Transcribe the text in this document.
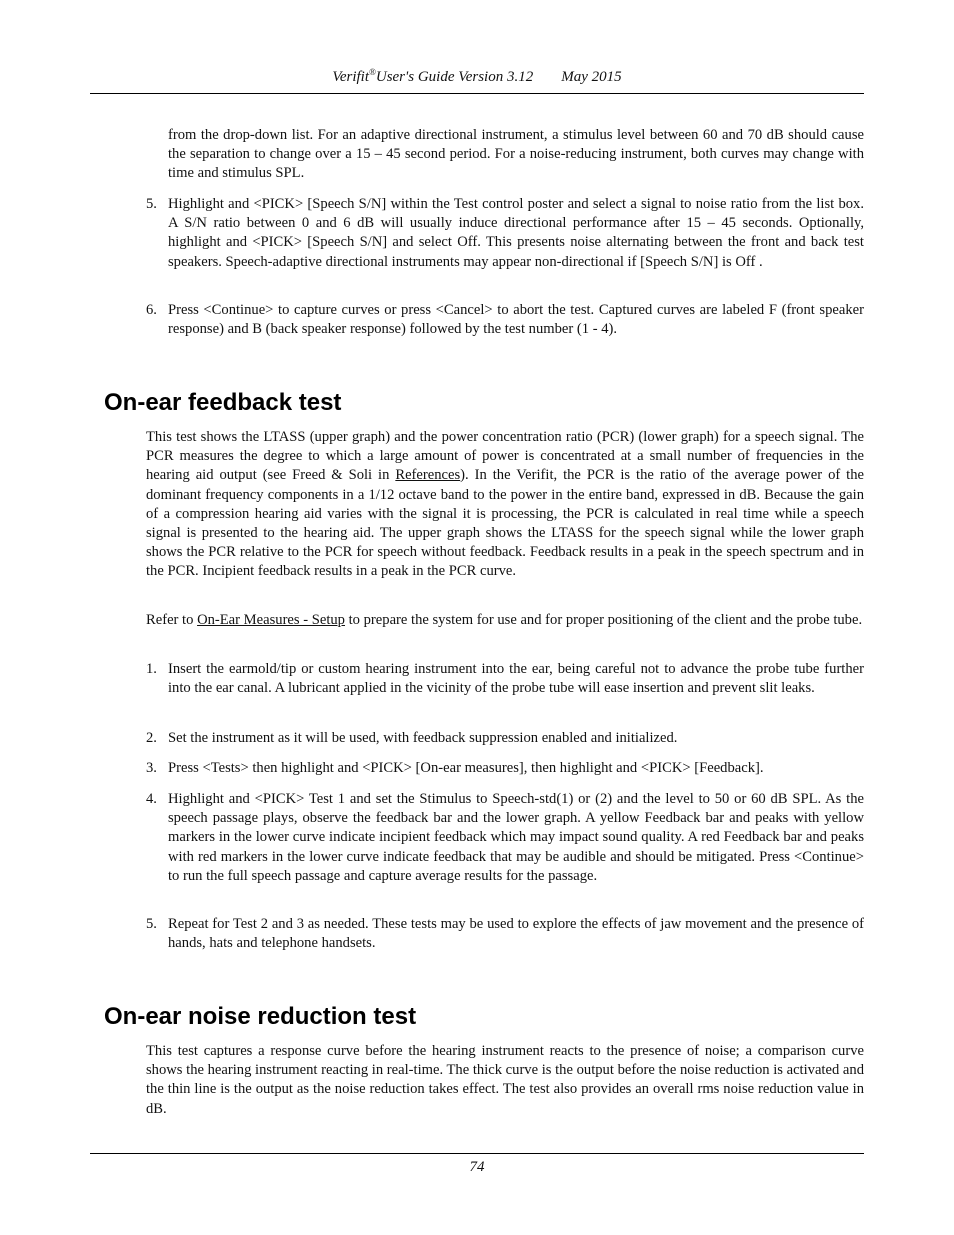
Verifit®User's Guide Version 3.12 May 2015

from the drop-down list. For an adaptive directional instrument, a stimulus level between 60 and 70 dB should cause the separation to change over a 15 – 45 second period. For a noise-reducing instrument, both curves may change with time and stimulus SPL.

5. Highlight and <PICK> [Speech S/N] within the Test control poster and select a signal to noise ratio from the list box. A S/N ratio between 0 and 6 dB will usually induce directional performance after 15 – 45 seconds. Optionally, highlight and <PICK> [Speech S/N] and select Off. This presents noise alternating between the front and back test speakers. Speech-adaptive directional instruments may appear non-directional if [Speech S/N] is Off .

6. Press <Continue> to capture curves or press <Cancel> to abort the test. Captured curves are labeled F (front speaker response) and B (back speaker response) followed by the test number (1 - 4).

On-ear feedback test

This test shows the LTASS (upper graph) and the power concentration ratio (PCR) (lower graph) for a speech signal. The PCR measures the degree to which a large amount of power is concentrated at a small number of frequencies in the hearing aid output (see Freed & Soli in References). In the Verifit, the PCR is the ratio of the average power of the dominant frequency components in a 1/12 octave band to the power in the entire band, expressed in dB. Because the gain of a compression hearing aid varies with the signal it is processing, the PCR is calculated in real time while a speech signal is presented to the hearing aid. The upper graph shows the LTASS for the speech signal while the lower graph shows the PCR relative to the PCR for speech without feedback. Feedback results in a peak in the speech spectrum and in the PCR. Incipient feedback results in a peak in the PCR curve.

Refer to On-Ear Measures - Setup to prepare the system for use and for proper positioning of the client and the probe tube.

1. Insert the earmold/tip or custom hearing instrument into the ear, being careful not to advance the probe tube further into the ear canal. A lubricant applied in the vicinity of the probe tube will ease insertion and prevent slit leaks.

2. Set the instrument as it will be used, with feedback suppression enabled and initialized.

3. Press <Tests> then highlight and <PICK> [On-ear measures], then highlight and <PICK> [Feedback].

4. Highlight and <PICK> Test 1 and set the Stimulus to Speech-std(1) or (2) and the level to 50 or 60 dB SPL. As the speech passage plays, observe the feedback bar and the lower graph. A yellow Feedback bar and peaks with yellow markers in the lower curve indicate incipient feedback which may impact sound quality. A red Feedback bar and peaks with red markers in the lower curve indicate feedback that may be audible and should be mitigated. Press <Continue> to run the full speech passage and capture average results for the passage.

5. Repeat for Test 2 and 3 as needed. These tests may be used to explore the effects of jaw movement and the presence of hands, hats and telephone handsets.

On-ear noise reduction test

This test captures a response curve before the hearing instrument reacts to the presence of noise; a comparison curve shows the hearing instrument reacting in real-time. The thick curve is the output before the noise reduction is activated and the thin line is the output as the noise reduction takes effect. The test also provides an overall rms noise reduction value in dB.

74
